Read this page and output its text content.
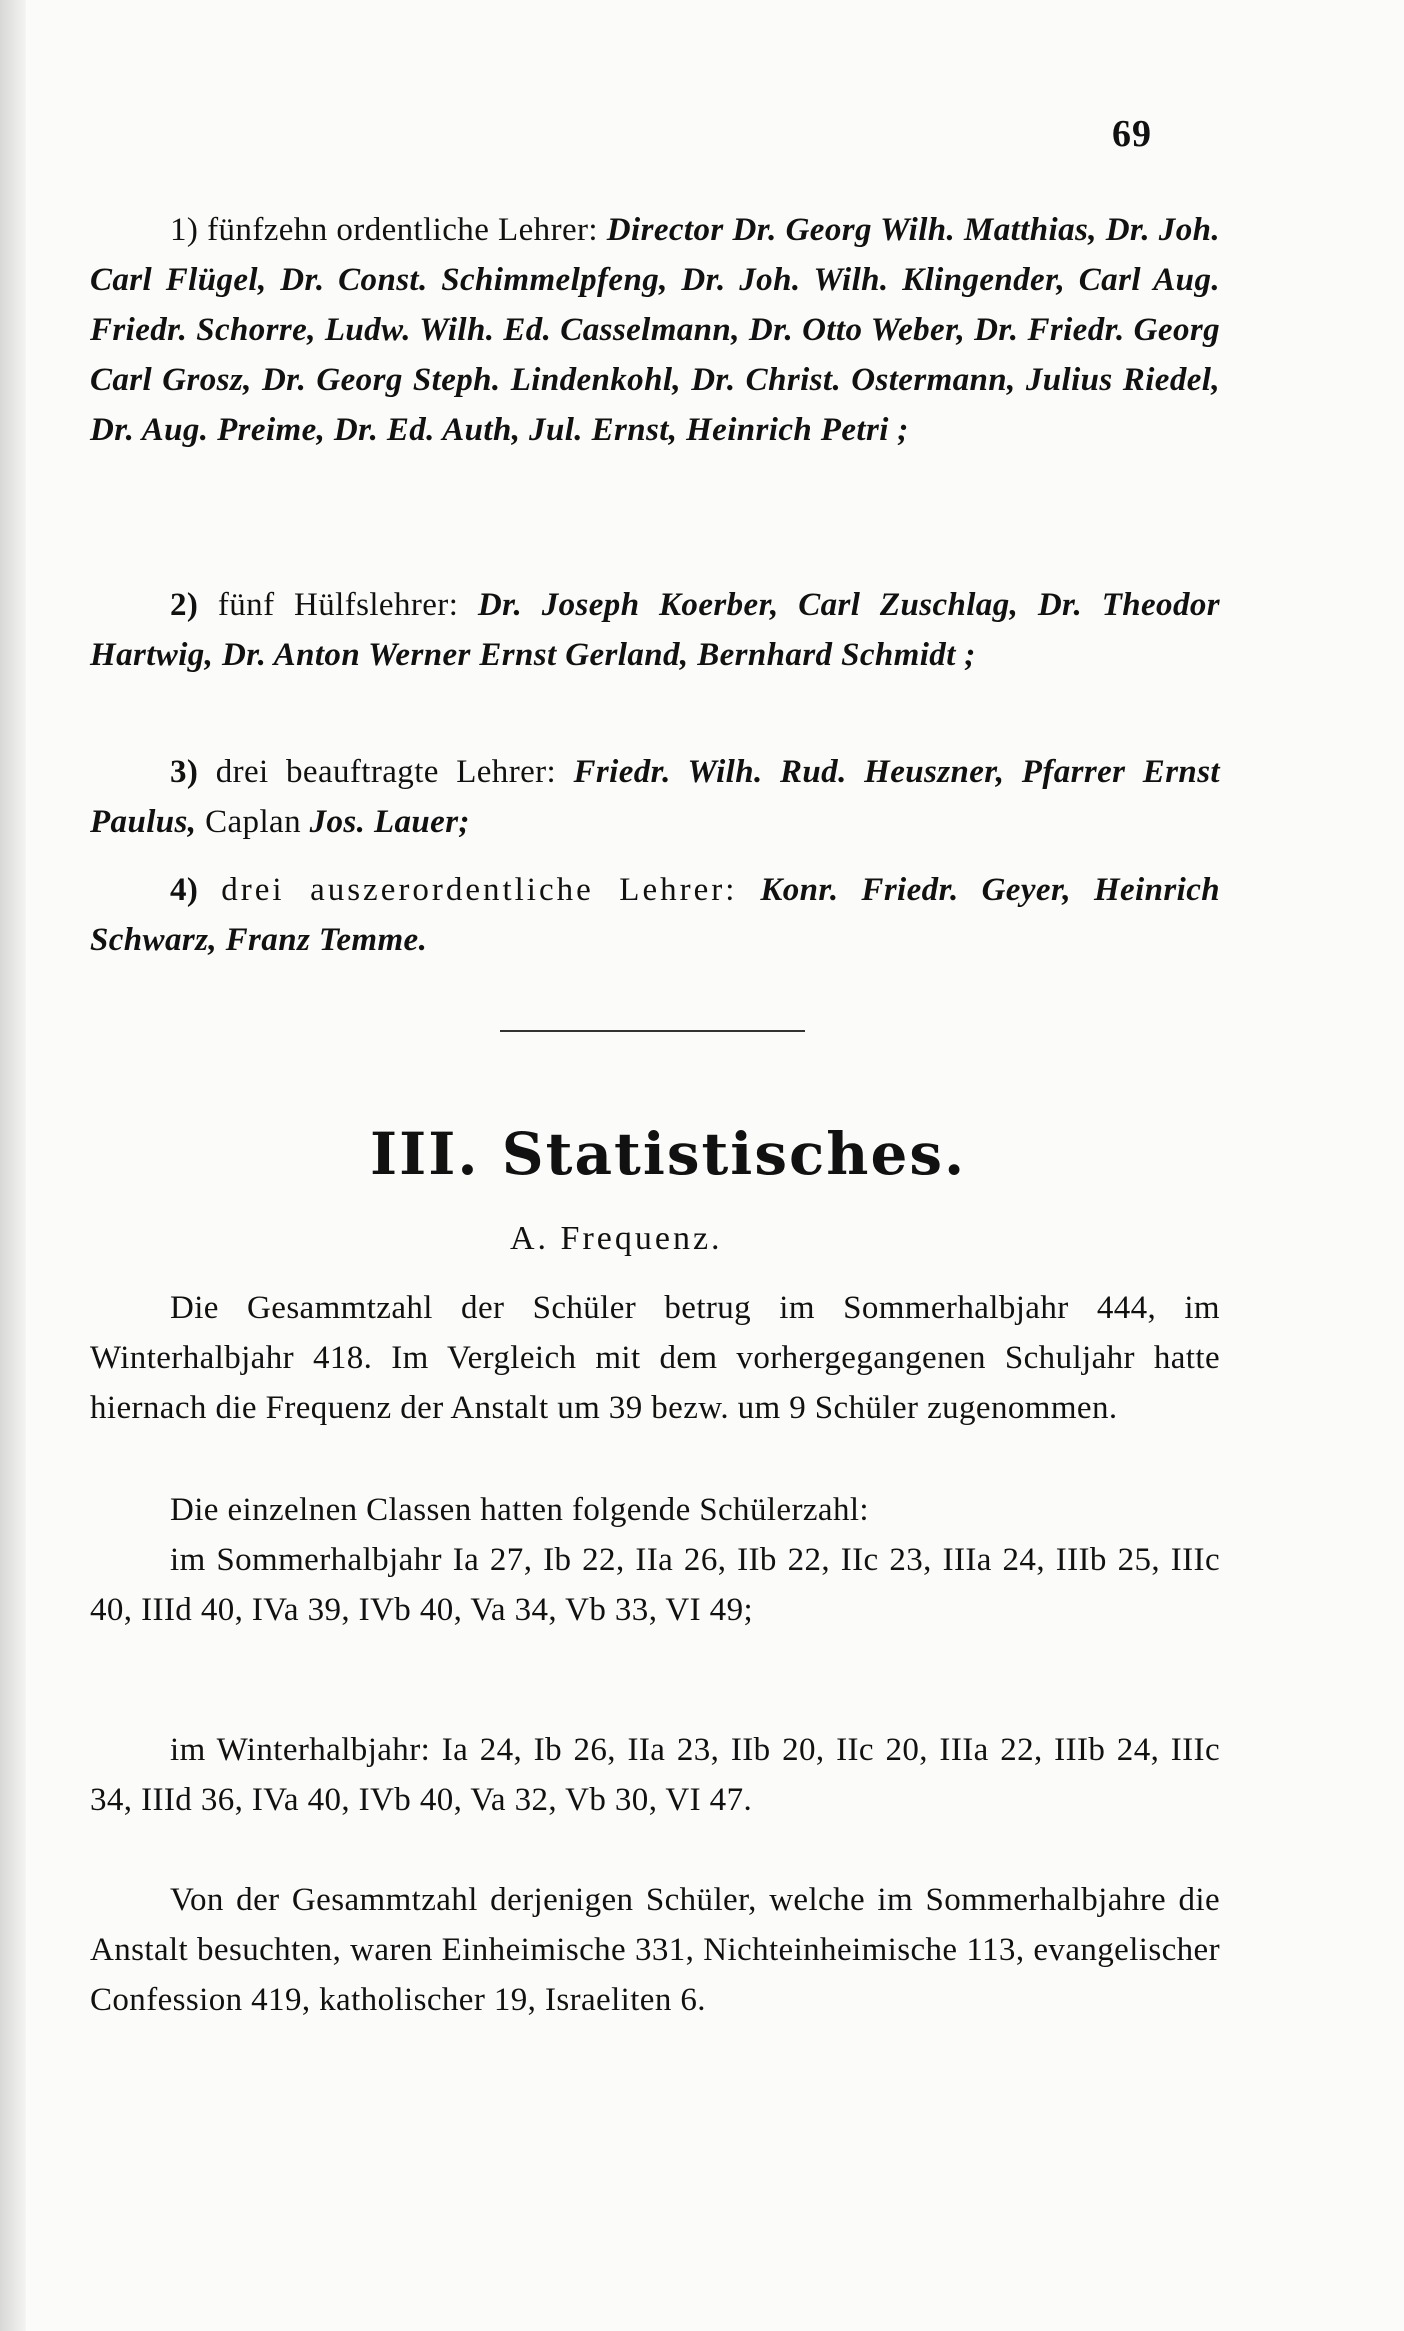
69
1) fünfzehn ordentliche Lehrer: Director Dr. Georg Wilh. Matthias, Dr. Joh. Carl Flügel, Dr. Const. Schimmelpfeng, Dr. Joh. Wilh. Klingender, Carl Aug. Friedr. Schorre, Ludw. Wilh. Ed. Casselmann, Dr. Otto Weber, Dr. Friedr. Georg Carl Grosz, Dr. Georg Steph. Lindenkohl, Dr. Christ. Ostermann, Julius Riedel, Dr. Aug. Preime, Dr. Ed. Auth, Jul. Ernst, Heinrich Petri ;
2) fünf Hülfslehrer: Dr. Joseph Koerber, Carl Zuschlag, Dr. Theodor Hartwig, Dr. Anton Werner Ernst Gerland, Bernhard Schmidt ;
3) drei beauftragte Lehrer: Friedr. Wilh. Rud. Heuszner, Pfarrer Ernst Paulus, Caplan Jos. Lauer;
4) drei auszerordentliche Lehrer: Konr. Friedr. Geyer, Heinrich Schwarz, Franz Temme.
III. Statistisches.
A. Frequenz.
Die Gesammtzahl der Schüler betrug im Sommerhalbjahr 444, im Winterhalbjahr 418. Im Vergleich mit dem vorhergegangenen Schuljahr hatte hiernach die Frequenz der Anstalt um 39 bezw. um 9 Schüler zugenommen.
Die einzelnen Classen hatten folgende Schülerzahl:
im Sommerhalbjahr Ia 27, Ib 22, IIa 26, IIb 22, IIc 23, IIIa 24, IIIb 25, IIIc 40, IIId 40, IVa 39, IVb 40, Va 34, Vb 33, VI 49;
im Winterhalbjahr: Ia 24, Ib 26, IIa 23, IIb 20, IIc 20, IIIa 22, IIIb 24, IIIc 34, IIId 36, IVa 40, IVb 40, Va 32, Vb 30, VI 47.
Von der Gesammtzahl derjenigen Schüler, welche im Sommerhalbjahre die Anstalt besuchten, waren Einheimische 331, Nichteinheimische 113, evangelischer Confession 419, katholischer 19, Israeliten 6.
